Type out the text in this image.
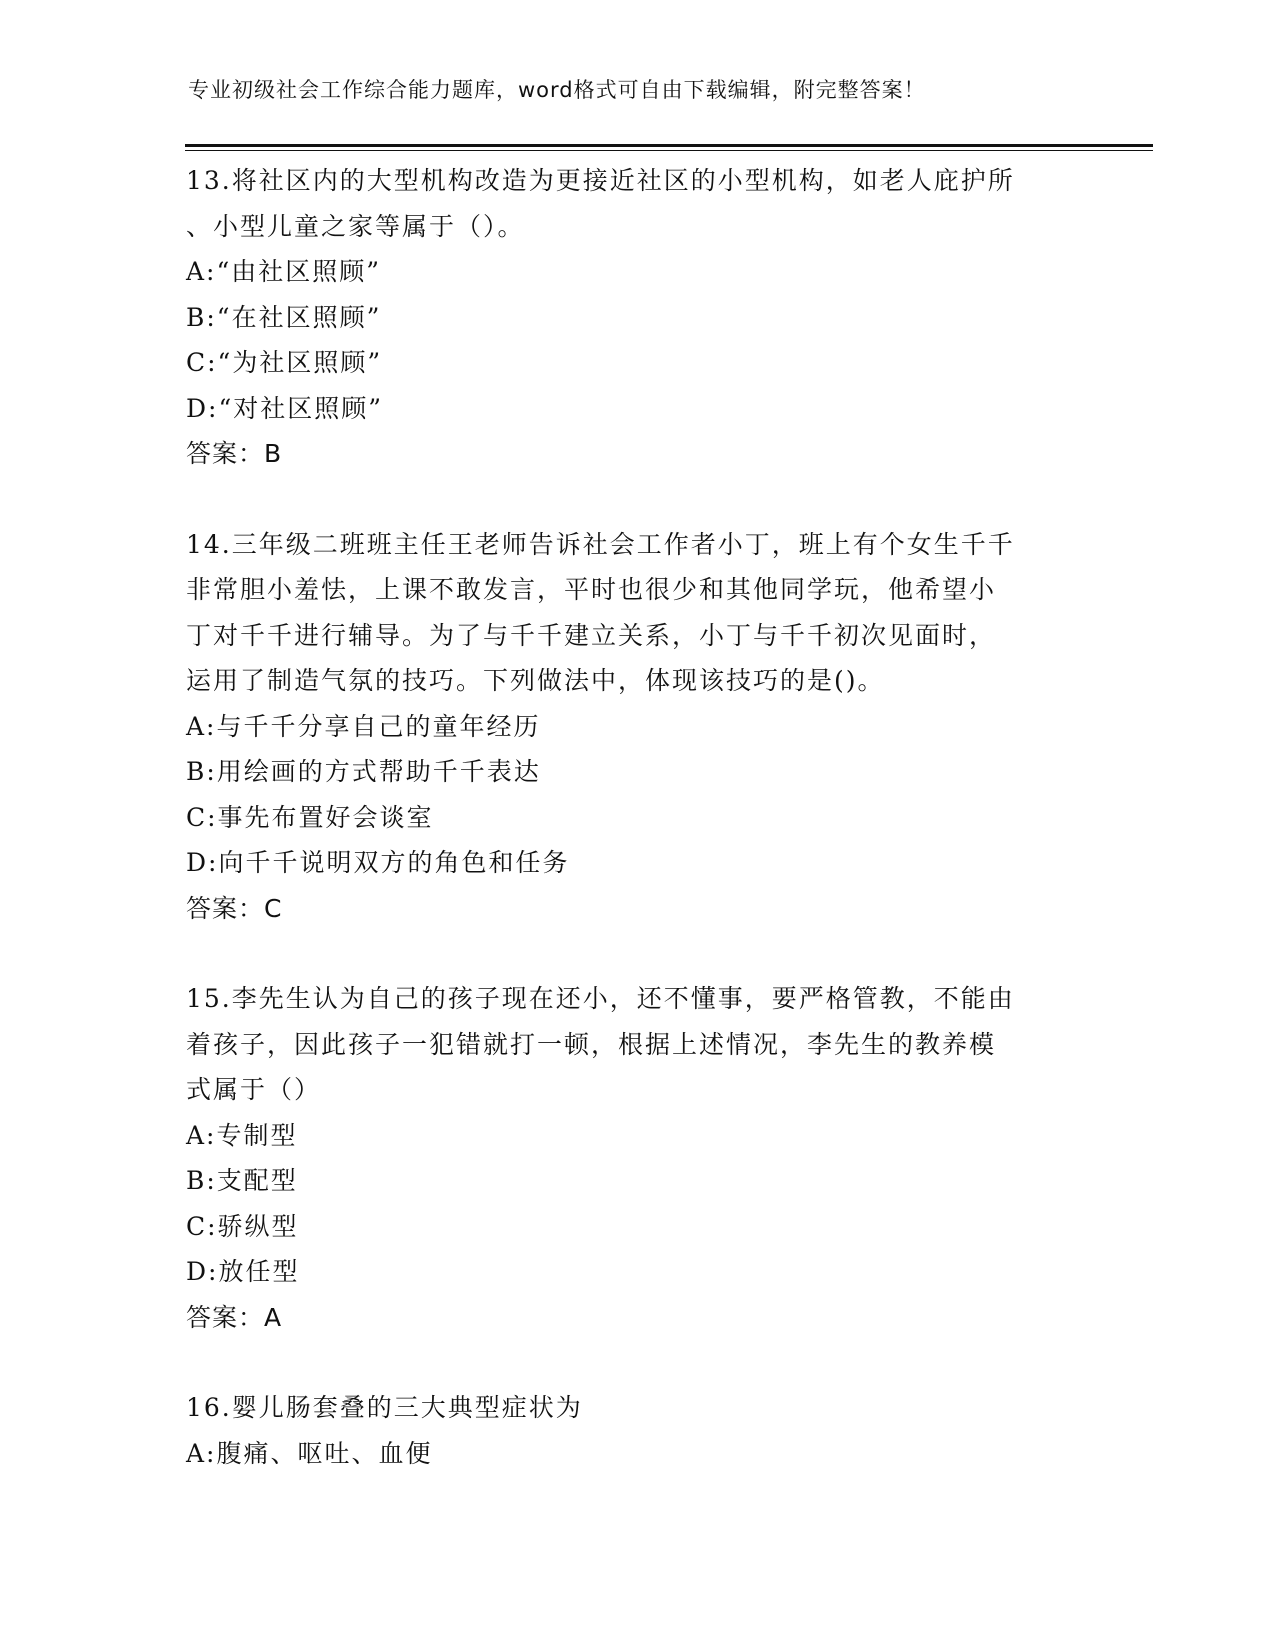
专业初级社会工作综合能力题库，word格式可自由下载编辑，附完整答案！
13.将社区内的大型机构改造为更接近社区的小型机构，如老人庇护所
、小型儿童之家等属于（）。
A:“由社区照顾”
B:“在社区照顾”
C:“为社区照顾”
D:“对社区照顾”
答案：B
14.三年级二班班主任王老师告诉社会工作者小丁，班上有个女生千千
非常胆小羞怯，上课不敢发言，平时也很少和其他同学玩，他希望小
丁对千千进行辅导。为了与千千建立关系，小丁与千千初次见面时，
运用了制造气氛的技巧。下列做法中，体现该技巧的是()。
A:与千千分享自己的童年经历
B:用绘画的方式帮助千千表达
C:事先布置好会谈室
D:向千千说明双方的角色和任务
答案：C
15.李先生认为自己的孩子现在还小，还不懂事，要严格管教，不能由
着孩子，因此孩子一犯错就打一顿，根据上述情况，李先生的教养模
式属于（）
A:专制型
B:支配型
C:骄纵型
D:放任型
答案：A
16.婴儿肠套叠的三大典型症状为
A:腹痛、呕吐、血便
